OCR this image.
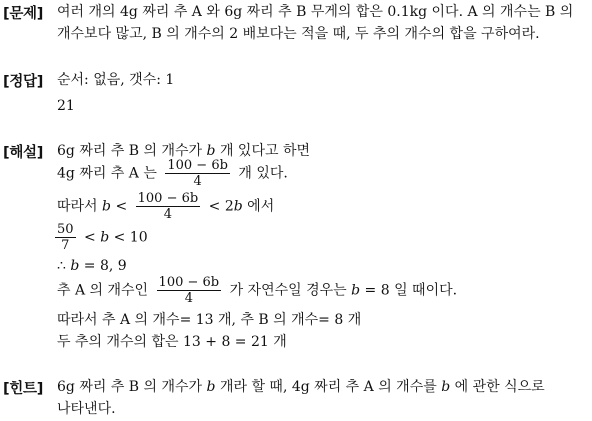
[문제] 여러 개의 4g 짜리 추 A 와 6g 짜리 추 B 무게의 합은 0.1kg 이다. A 의 개수는 B 의
개수보다 많고, B 의 개수의 2 배보다는 적을 때, 두 추의 개수의 합을 구하여라.
[정답] 순서: 없음, 갯수: 1
21
[해설] 6g 짜리 추 B 의 개수가 b 개 있다고 하면
4g 짜리 추 A 는 $\frac{100 - 6b}{4}$ 개 있다.
따라서 $b < \frac{100 - 6b}{4} < 2b$ 에서
$\frac{50}{7} < b < 10$
∴ b = 8, 9
추 A 의 개수인 $\frac{100 - 6b}{4}$ 가 자연수일 경우는 b = 8 일 때이다.
따라서 추 A 의 개수= 13 개, 추 B 의 개수= 8 개
두 추의 개수의 합은 13 + 8 = 21 개
[힌트] 6g 짜리 추 B 의 개수가 b 개라 할 때, 4g 짜리 추 A 의 개수를 b 에 관한 식으로
나타낸다.
